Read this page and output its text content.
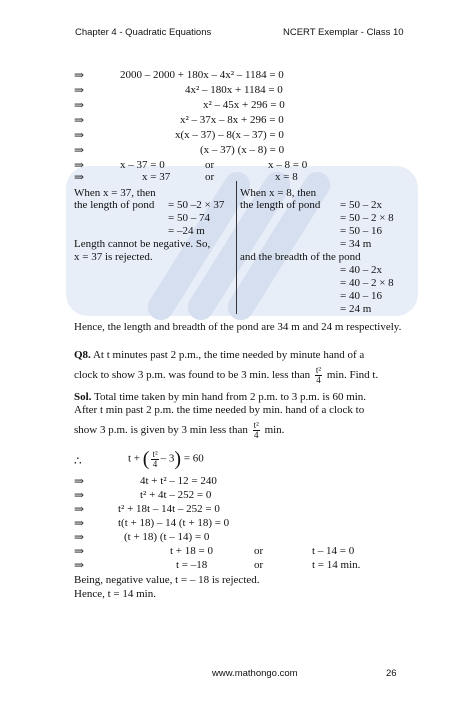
Chapter 4 - Quadratic Equations	NCERT Exemplar - Class 10
⇒	2000 – 2000 + 180x – 4x² – 1184 = 0
⇒	4x² – 180x + 1184 = 0
⇒	x² – 45x + 296 = 0
⇒	x² – 37x – 8x + 296 = 0
⇒	x(x – 37) – 8(x – 37) = 0
⇒	(x – 37) (x – 8) = 0
⇒	x – 37 = 0	or	x – 8 = 0
⇒	x = 37	or	x = 8
When x = 37, then
the length of pond = 50 –2 × 37
= 50 – 74
= –24 m
Length cannot be negative. So,
x = 37 is rejected.
When x = 8, then
the length of pond = 50 – 2x
= 50 – 2 × 8
= 50 – 16
= 34 m
and the breadth of the pond
= 40 – 2x
= 40 – 2 × 8
= 40 – 16
= 24 m

Hence, the length and breadth of the pond are 34 m and 24 m respectively.

Q8. At t minutes past 2 p.m., the time needed by minute hand of a
clock to show 3 p.m. was found to be 3 min. less than $\frac{\text{t²}}{4} \min$. Find t.
Sol. Total time taken by min hand from 2 p.m. to 3 p.m. is 60 min.
After t min past 2 p.m. the time needed by min. hand of a clock to
show 3 p.m. is given by 3 min less than $\frac{\text{t²}}{4} \min$.
∴	t + ( $\frac{\text{t²}}{4} - 3) = 60$
⇒	4t + t² – 12 = 240
⇒	t² + 4t – 252 = 0
⇒	t² + 18t – 14t – 252 = 0
⇒	t(t + 18) – 14 (t + 18) = 0
⇒	(t + 18) (t – 14) = 0
⇒	t + 18 = 0	or	t – 14 = 0
⇒	t = –18	or	t = 14 min.
Being, negative value, t = – 18 is rejected.
Hence, t = 14 min.
www.mathongo.com	26
